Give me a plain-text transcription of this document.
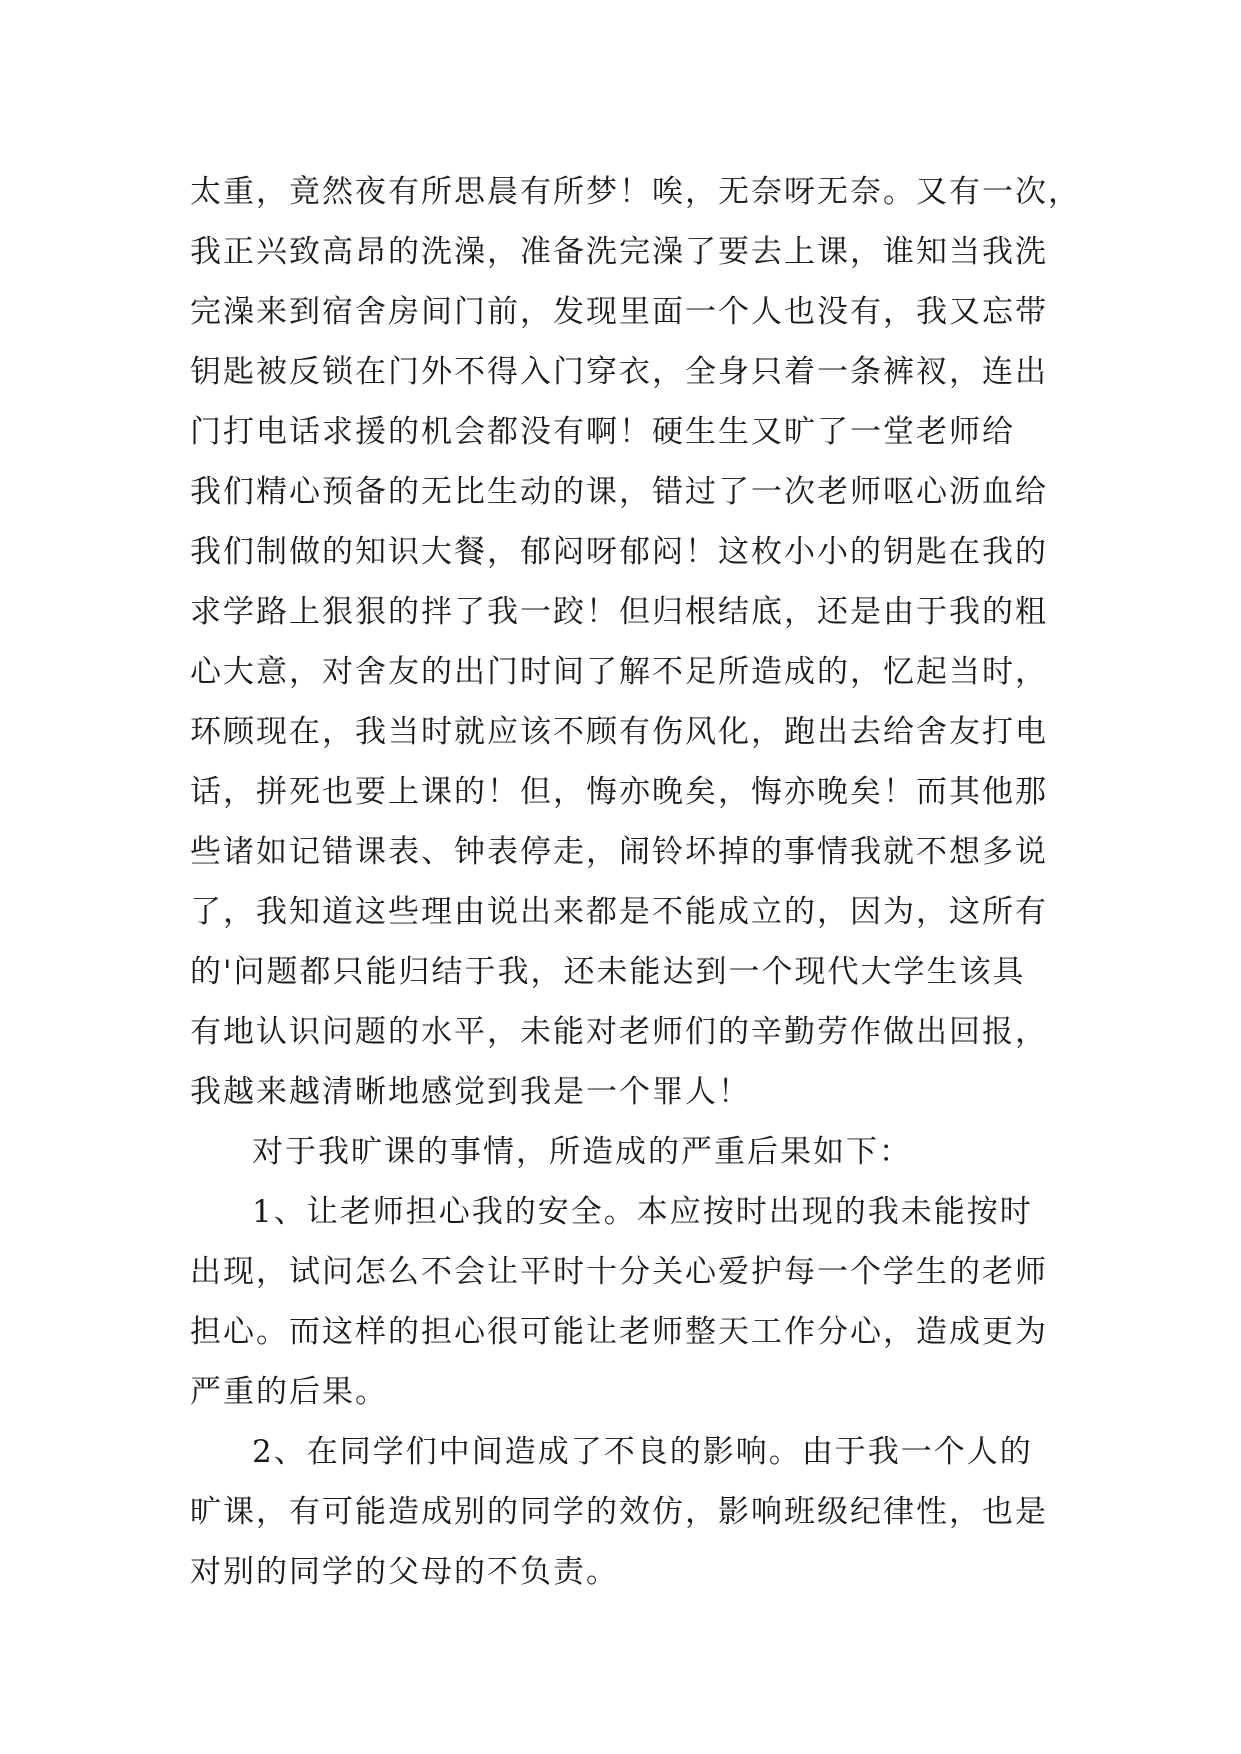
太重，竟然夜有所思晨有所梦！唉，无奈呀无奈。又有一次，
我正兴致高昂的洗澡，准备洗完澡了要去上课，谁知当我洗
完澡来到宿舍房间门前，发现里面一个人也没有，我又忘带
钥匙被反锁在门外不得入门穿衣，全身只着一条裤衩，连出
门打电话求援的机会都没有啊！硬生生又旷了一堂老师给
我们精心预备的无比生动的课，错过了一次老师呕心沥血给
我们制做的知识大餐，郁闷呀郁闷！这枚小小的钥匙在我的
求学路上狠狠的拌了我一跤！但归根结底，还是由于我的粗
心大意，对舍友的出门时间了解不足所造成的，忆起当时，
环顾现在，我当时就应该不顾有伤风化，跑出去给舍友打电
话，拼死也要上课的！但，悔亦晚矣，悔亦晚矣！而其他那
些诸如记错课表、钟表停走，闹铃坏掉的事情我就不想多说
了，我知道这些理由说出来都是不能成立的，因为，这所有
的'问题都只能归结于我，还未能达到一个现代大学生该具
有地认识问题的水平，未能对老师们的辛勤劳作做出回报，
我越来越清晰地感觉到我是一个罪人！
对于我旷课的事情，所造成的严重后果如下：
1、让老师担心我的安全。本应按时出现的我未能按时
出现，试问怎么不会让平时十分关心爱护每一个学生的老师
担心。而这样的担心很可能让老师整天工作分心，造成更为
严重的后果。
2、在同学们中间造成了不良的影响。由于我一个人的
旷课，有可能造成别的同学的效仿，影响班级纪律性，也是
对别的同学的父母的不负责。
